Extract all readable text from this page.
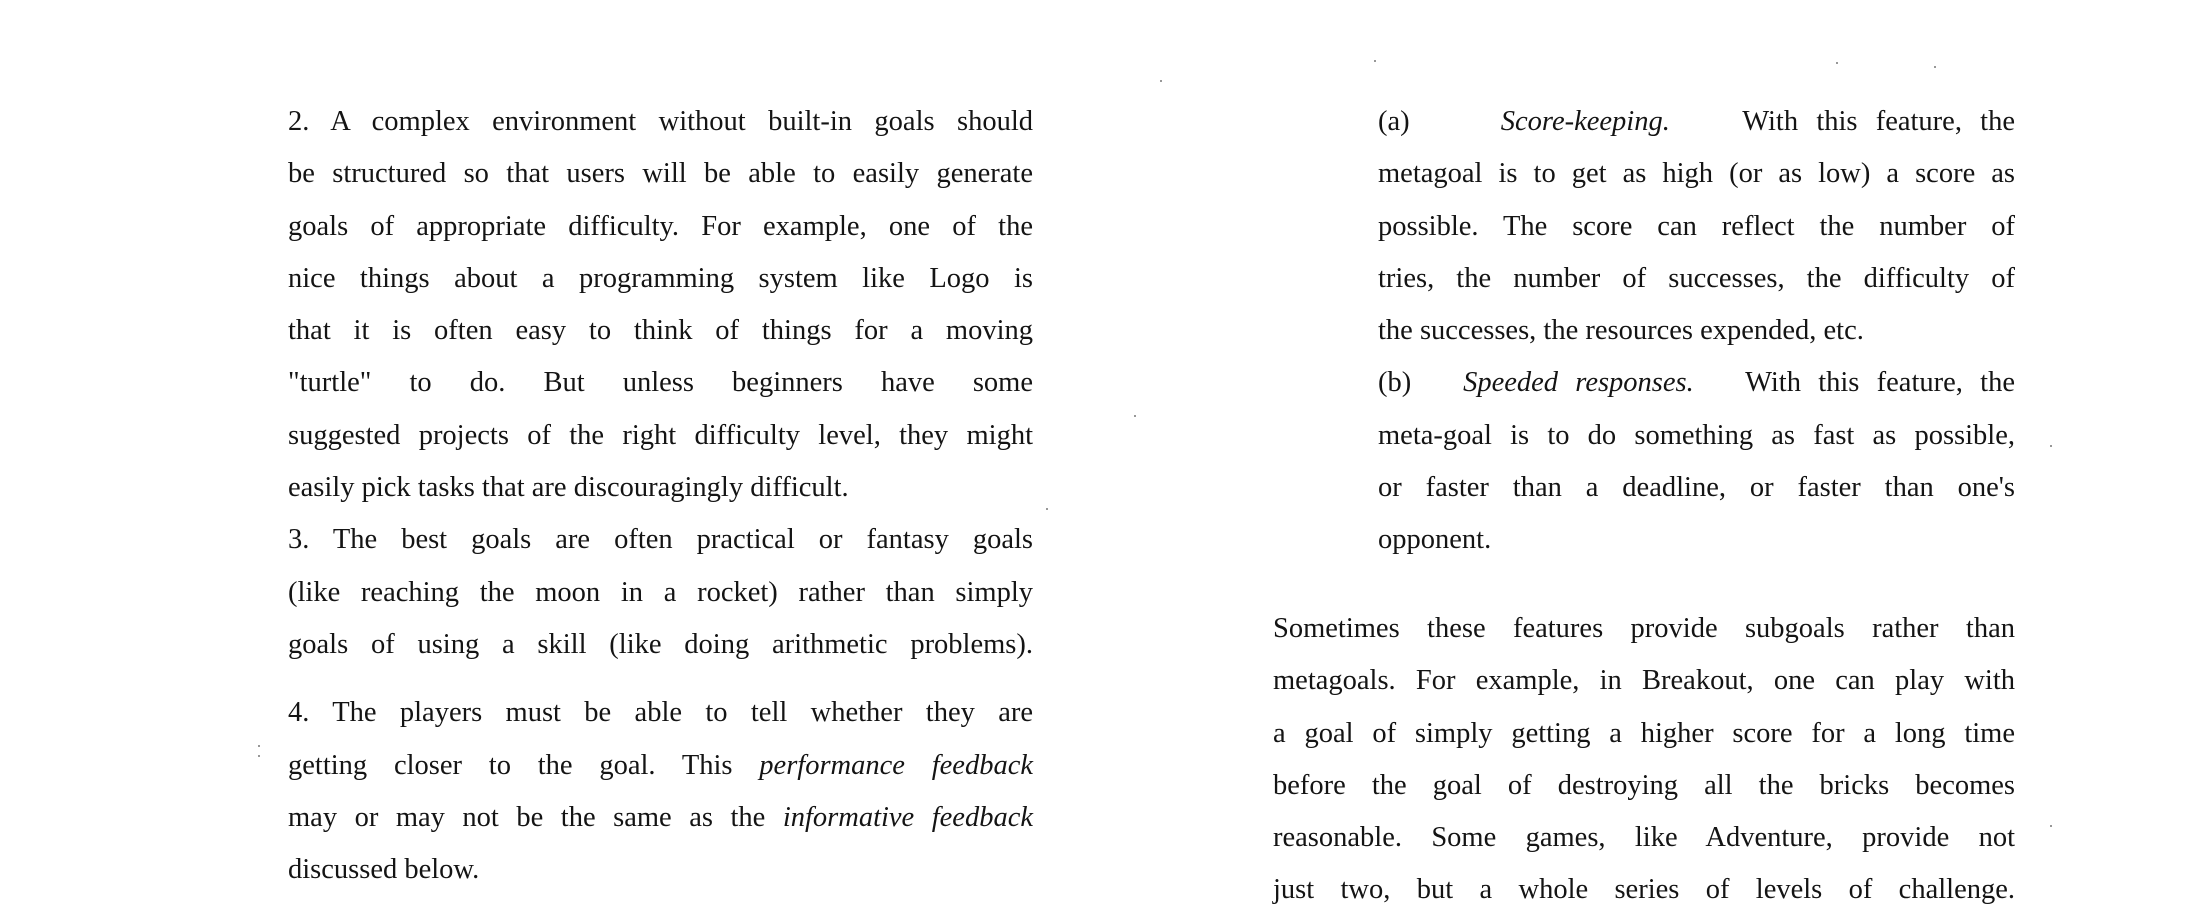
2. A complex environment without built-in goals should
be structured so that users will be able to easily generate
goals of appropriate difficulty. For example, one of the
nice things about a programming system like Logo is
that it is often easy to think of things for a moving
"turtle" to do. But unless beginners have some
suggested projects of the right difficulty level, they might
easily pick tasks that are discouragingly difficult.
3. The best goals are often practical or fantasy goals
(like reaching the moon in a rocket) rather than simply
goals of using a skill (like doing arithmetic problems).
4. The players must be able to tell whether they are
getting closer to the goal. This performance feedback
may or may not be the same as the informative feedback
discussed below.
(a)	Score-keeping.	With this feature, the
metagoal is to get as high (or as low) a score as
possible. The score can reflect the number of
tries, the number of successes, the difficulty of
the successes, the resources expended, etc.
(b) Speeded responses. With this feature, the
meta-goal is to do something as fast as possible,
or faster than a deadline, or faster than one's
opponent.
Sometimes these features provide subgoals rather than
metagoals. For example, in Breakout, one can play with
a goal of simply getting a higher score for a long time
before the goal of destroying all the bricks becomes
reasonable. Some games, like Adventure, provide not
just two, but a whole series of levels of challenge.
